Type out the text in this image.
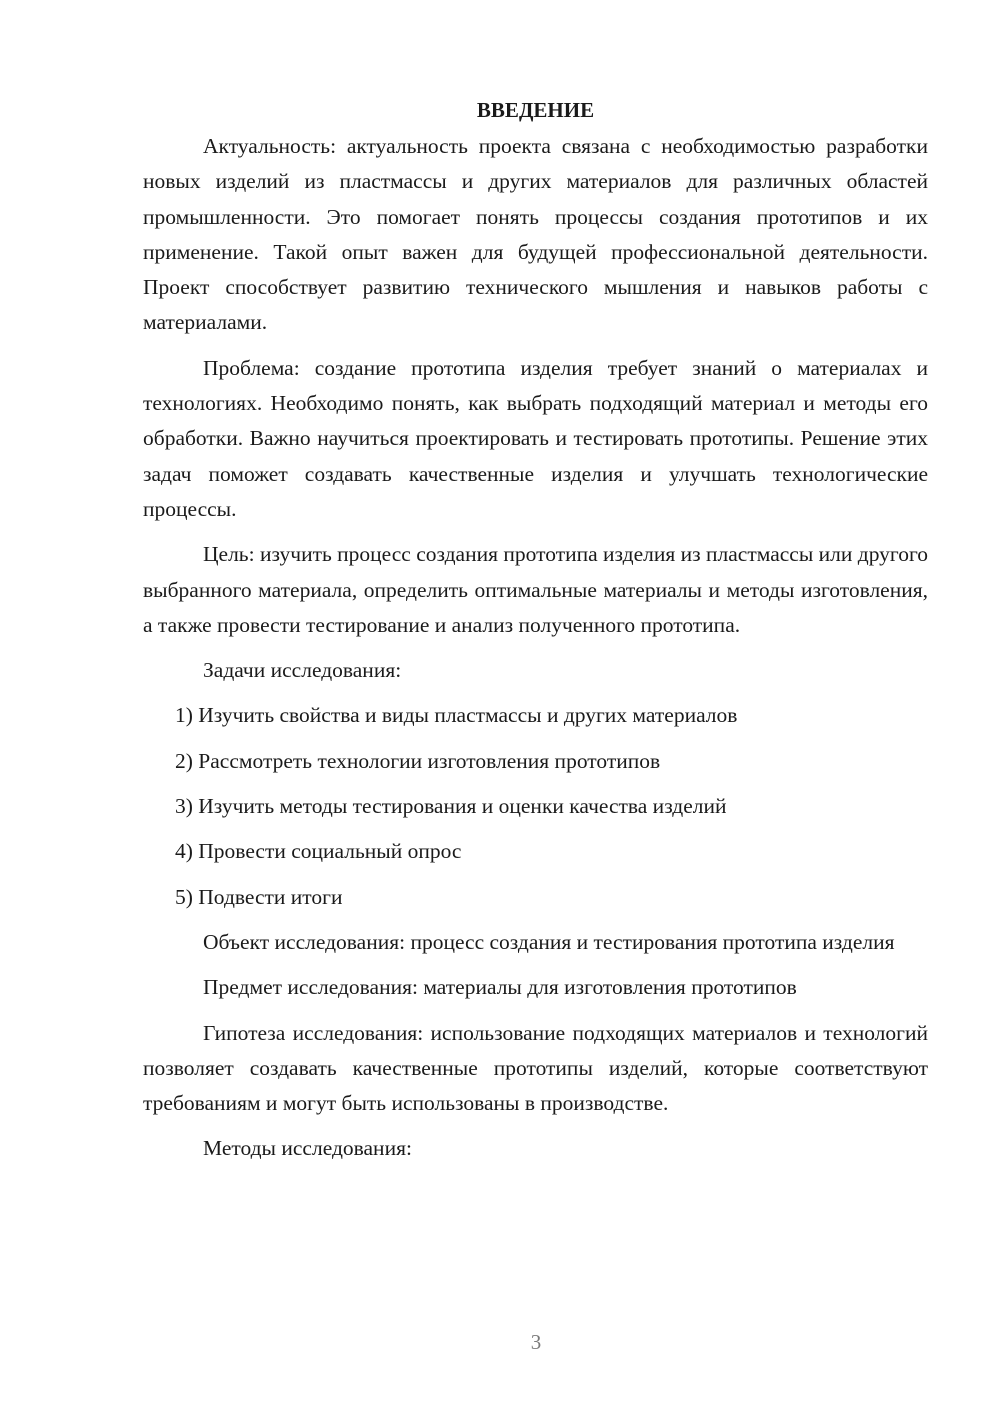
ВВЕДЕНИЕ

Актуальность: актуальность проекта связана с необходимостью разработки новых изделий из пластмассы и других материалов для различных областей промышленности. Это помогает понять процессы создания прототипов и их применение. Такой опыт важен для будущей профессиональной деятельности. Проект способствует развитию технического мышления и навыков работы с материалами.

Проблема: создание прототипа изделия требует знаний о материалах и технологиях. Необходимо понять, как выбрать подходящий материал и методы его обработки. Важно научиться проектировать и тестировать прототипы. Решение этих задач поможет создавать качественные изделия и улучшать технологические процессы.

Цель: изучить процесс создания прототипа изделия из пластмассы или другого выбранного материала, определить оптимальные материалы и методы изготовления, а также провести тестирование и анализ полученного прототипа.

Задачи исследования:

1) Изучить свойства и виды пластмассы и других материалов
2) Рассмотреть технологии изготовления прототипов
3) Изучить методы тестирования и оценки качества изделий
4) Провести социальный опрос
5) Подвести итоги

Объект исследования: процесс создания и тестирования прототипа изделия

Предмет исследования: материалы для изготовления прототипов

Гипотеза исследования: использование подходящих материалов и технологий позволяет создавать качественные прототипы изделий, которые соответствуют требованиям и могут быть использованы в производстве.

Методы исследования:

3
